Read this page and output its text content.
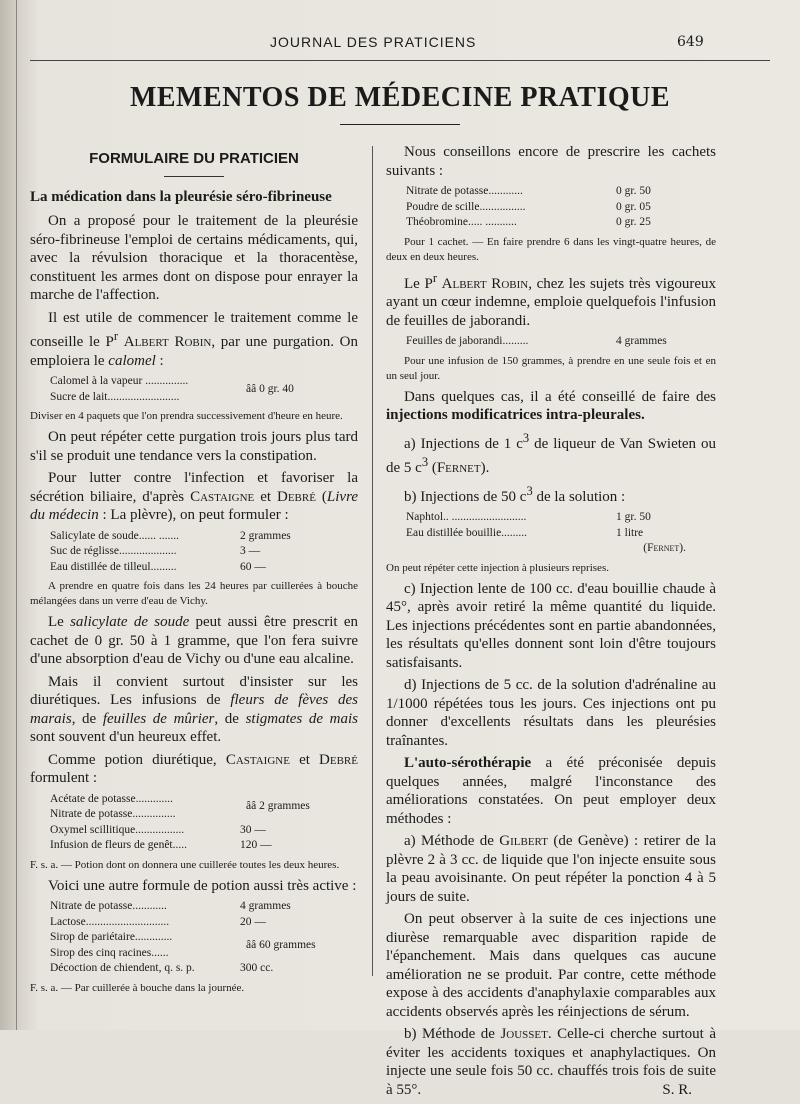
JOURNAL DES PRATICIENS	649
MEMENTOS DE MÉDECINE PRATIQUE
FORMULAIRE DU PRATICIEN
La médication dans la pleurésie séro-fibrineuse

On a proposé pour le traitement de la pleurésie séro-fibrineuse l'emploi de certains médicaments, qui, avec la révulsion thoracique et la thoracentèse, constituent les armes dont on dispose pour enrayer la marche de l'affection.

Il est utile de commencer le traitement comme le conseille le $P^r$ Albert Robin, par une purgation. On emploiera le calomel :

Calomel à la vapeur ...............
Sucre de lait.........................
ââ 0 gr. 40

Diviser en 4 paquets que l'on prendra successivement d'heure en heure.

On peut répéter cette purgation trois jours plus tard s'il se produit une tendance vers la constipation.

Pour lutter contre l'infection et favoriser la sécrétion biliaire, d'après Castaigne et Debré (Livre du médecin : La plèvre), on peut formuler :

Salicylate de soude...... .......	2 grammes
Suc de réglisse....................	3 —
Eau distillée de tilleul.........	60 —

A prendre en quatre fois dans les 24 heures par cuillerées à bouche mélangées dans un verre d'eau de Vichy.

Le salicylate de soude peut aussi être prescrit en cachet de 0 gr. 50 à 1 gramme, que l'on fera suivre d'une absorption d'eau de Vichy ou d'une eau alcaline.

Mais il convient surtout d'insister sur les diurétiques. Les infusions de fleurs de fèves des marais, de feuilles de mûrier, de stigmates de mais sont souvent d'un heureux effet.

Comme potion diurétique, Castaigne et Debré formulent :

Acétate de potasse.............
Nitrate de potasse...............
ââ 2 grammes
Oxymel scillitique.................	30 —
Infusion de fleurs de genêt.....	120 —

F. s. a. — Potion dont on donnera une cuillerée toutes les deux heures.

Voici une autre formule de potion aussi très active :

Nitrate de potasse............	4 grammes
Lactose.............................	20 —
Sirop de pariétaire.............
Sirop des cinq racines......
ââ 60 grammes
Décoction de chiendent, q. s. p.	300 cc.

F. s. a. — Par cuillerée à bouche dans la journée.

Nous conseillons encore de prescrire les cachets suivants :

Nitrate de potasse............	0 gr. 50
Poudre de scille................	0 gr. 05
Théobromine..... ...........	0 gr. 25

Pour 1 cachet. — En faire prendre 6 dans les vingt-quatre heures, de deux en deux heures.

Le $P^r$ Albert Robin, chez les sujets très vigoureux ayant un cœur indemne, emploie quelquefois l'infusion de feuilles de jaborandi.

Feuilles de jaborandi.........	4 grammes

Pour une infusion de 150 grammes, à prendre en une seule fois et en un seul jour.

Dans quelques cas, il a été conseillé de faire des injections modificatrices intra-pleurales.

a) Injections de 1 $c^3$ de liqueur de Van Swieten ou de 5 $c^3$ (Fernet).

b) Injections de 50 $c^3$ de la solution :

Naphtol.. ..........................	1 gr. 50
Eau distillée bouillie.........	1 litre
(Fernet).

On peut répéter cette injection à plusieurs reprises.

c) Injection lente de 100 cc. d'eau bouillie chaude à 45°, après avoir retiré la même quantité du liquide. Les injections précédentes sont en partie abandonnées, les résultats qu'elles donnent sont loin d'être toujours satisfaisants.

d) Injections de 5 cc. de la solution d'adrénaline au 1/1000 répétées tous les jours. Ces injections ont pu donner d'excellents résultats dans les pleurésies traînantes.

L'auto-sérothérapie a été préconisée depuis quelques années, malgré l'inconstance des améliorations constatées. On peut employer deux méthodes :

a) Méthode de Gilbert (de Genève) : retirer de la plèvre 2 à 3 cc. de liquide que l'on injecte ensuite sous la peau avoisinante. On peut répéter la ponction 4 à 5 jours de suite.

On peut observer à la suite de ces injections une diurèse remarquable avec disparition rapide de l'épanchement. Mais dans quelques cas aucune amélioration ne se produit. Par contre, cette méthode expose à des accidents d'anaphylaxie comparables aux accidents observés après les réinjections de sérum.

b) Méthode de Jousset. Celle-ci cherche surtout à éviter les accidents toxiques et anaphylactiques. On injecte une seule fois 50 cc. chauffés trois fois de suite à 55°.	S. R.
